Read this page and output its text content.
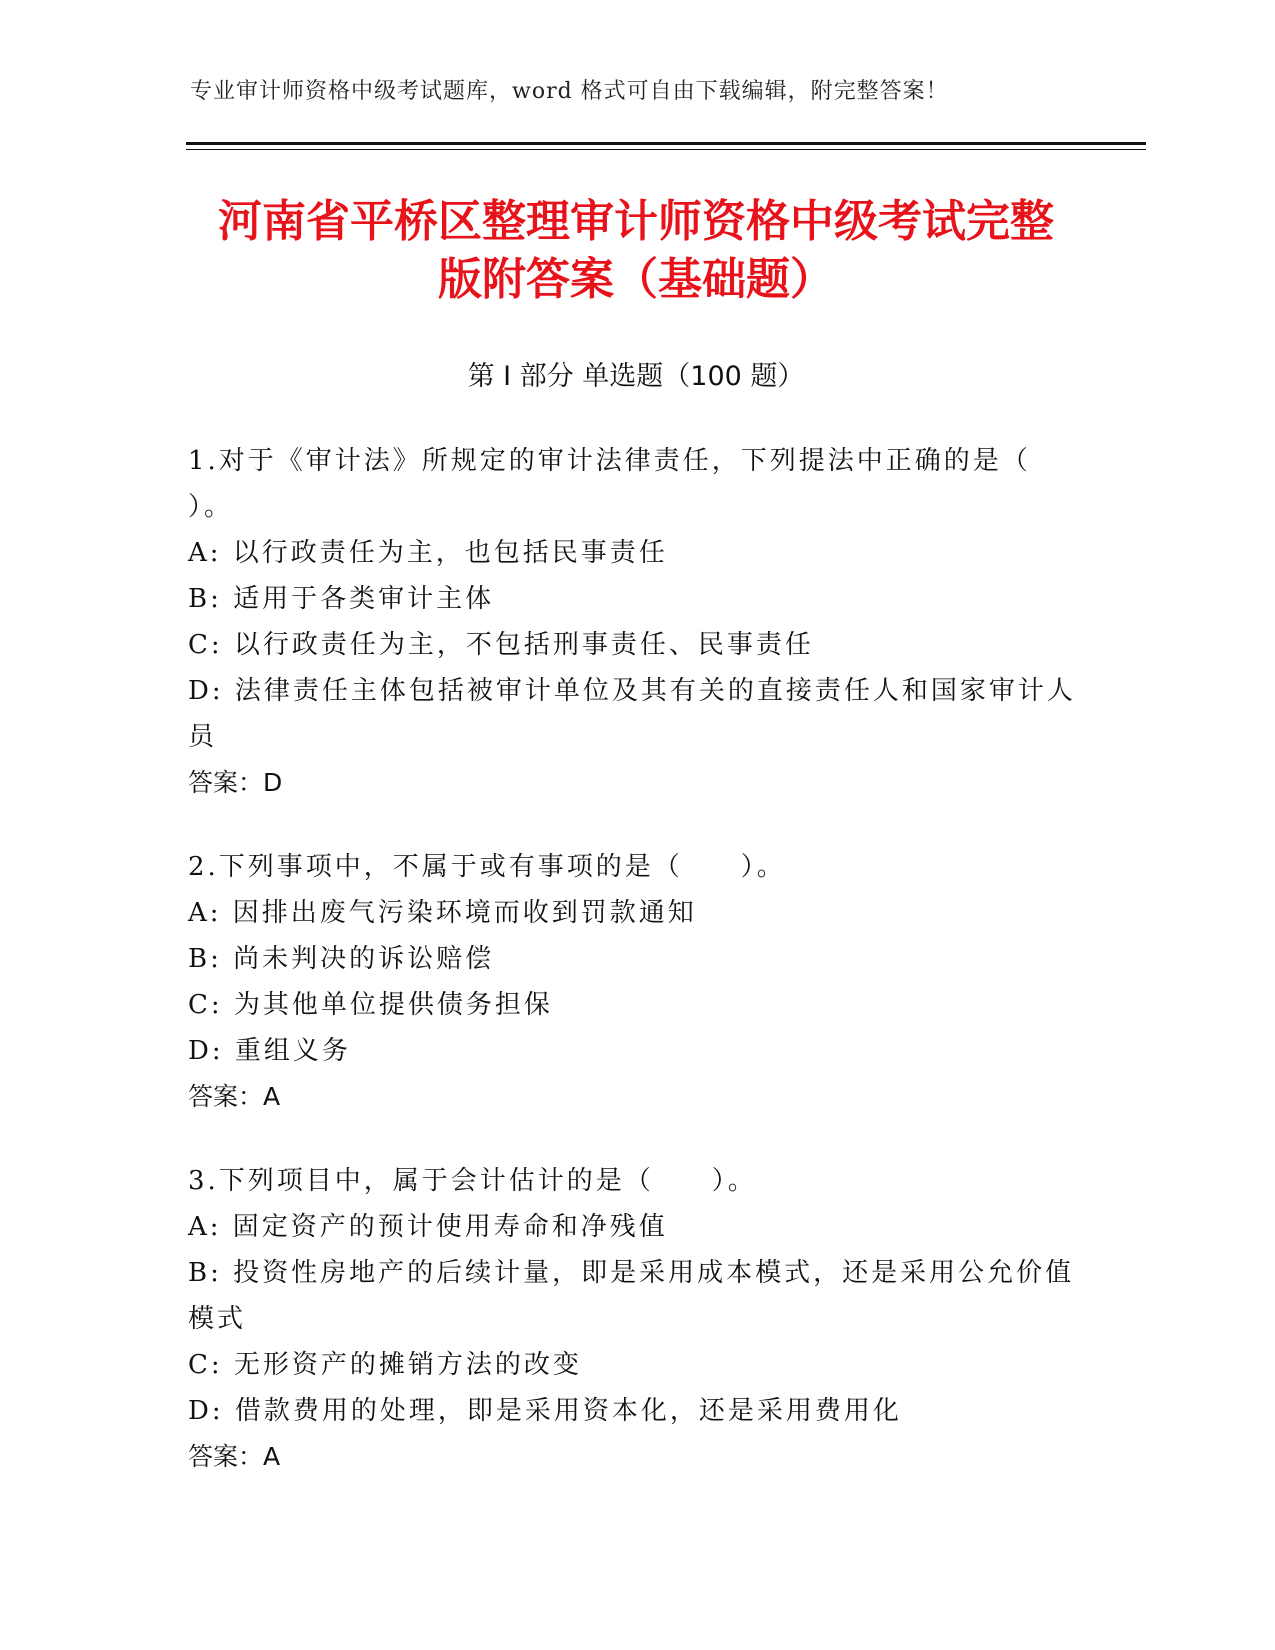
专业审计师资格中级考试题库，word 格式可自由下载编辑，附完整答案！
河南省平桥区整理审计师资格中级考试完整
版附答案（基础题）
第 I 部分 单选题（100 题）
1.对于《审计法》所规定的审计法律责任，下列提法中正确的是（
）。
A: 以行政责任为主，也包括民事责任
B: 适用于各类审计主体
C: 以行政责任为主，不包括刑事责任、民事责任
D: 法律责任主体包括被审计单位及其有关的直接责任人和国家审计人
员
答案：D
2.下列事项中，不属于或有事项的是（　　）。
A: 因排出废气污染环境而收到罚款通知
B: 尚未判决的诉讼赔偿
C: 为其他单位提供债务担保
D: 重组义务
答案：A
3.下列项目中，属于会计估计的是（　　）。
A: 固定资产的预计使用寿命和净残值
B: 投资性房地产的后续计量，即是采用成本模式，还是采用公允价值
模式
C: 无形资产的摊销方法的改变
D: 借款费用的处理，即是采用资本化，还是采用费用化
答案：A
